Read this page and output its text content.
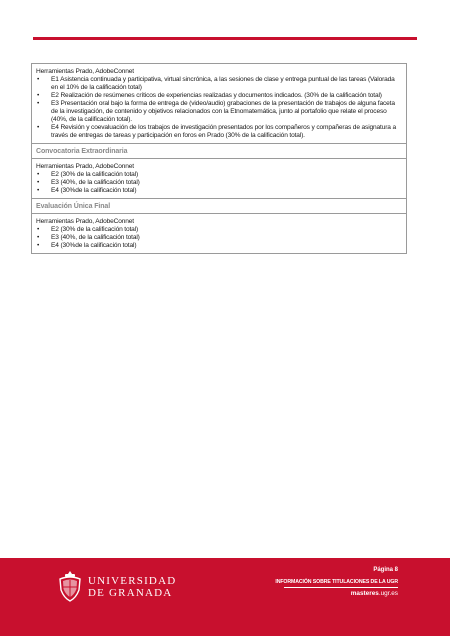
Herramientas Prado, AdobeConnet
• E1 Asistencia continuada y participativa, virtual sincrónica, a las sesiones de clase y entrega puntual de las tareas (Valorada en el 10% de la calificación total)
• E2 Realización de resúmenes críticos de experiencias realizadas y documentos indicados. (30% de la calificación total)
• E3 Presentación oral bajo la forma de entrega de (video/audio) grabaciones de la presentación de trabajos de alguna faceta de la investigación, de contenido y objetivos relacionados con la Etnomatemática, junto al portafolio que relate el proceso (40%, de la calificación total).
• E4 Revisión y coevaluación de los trabajos de investigación presentados por los compañeros y compañeras de asignatura a través de entregas de tareas y participación en foros en Prado (30% de la calificación total).
Convocatoria Extraordinaria
Herramientas Prado, AdobeConnet
• E2 (30% de la calificación total)
• E3 (40%, de la calificación total)
• E4 (30%de la calificación total)
Evaluación Única Final
Herramientas Prado, AdobeConnet
• E2 (30% de la calificación total)
• E3 (40%, de la calificación total)
• E4 (30%de la calificación total)
UNIVERSIDAD
DE GRANADA
Página 8
INFORMACIÓN SOBRE TITULACIONES DE LA UGR
masteres.ugr.es
